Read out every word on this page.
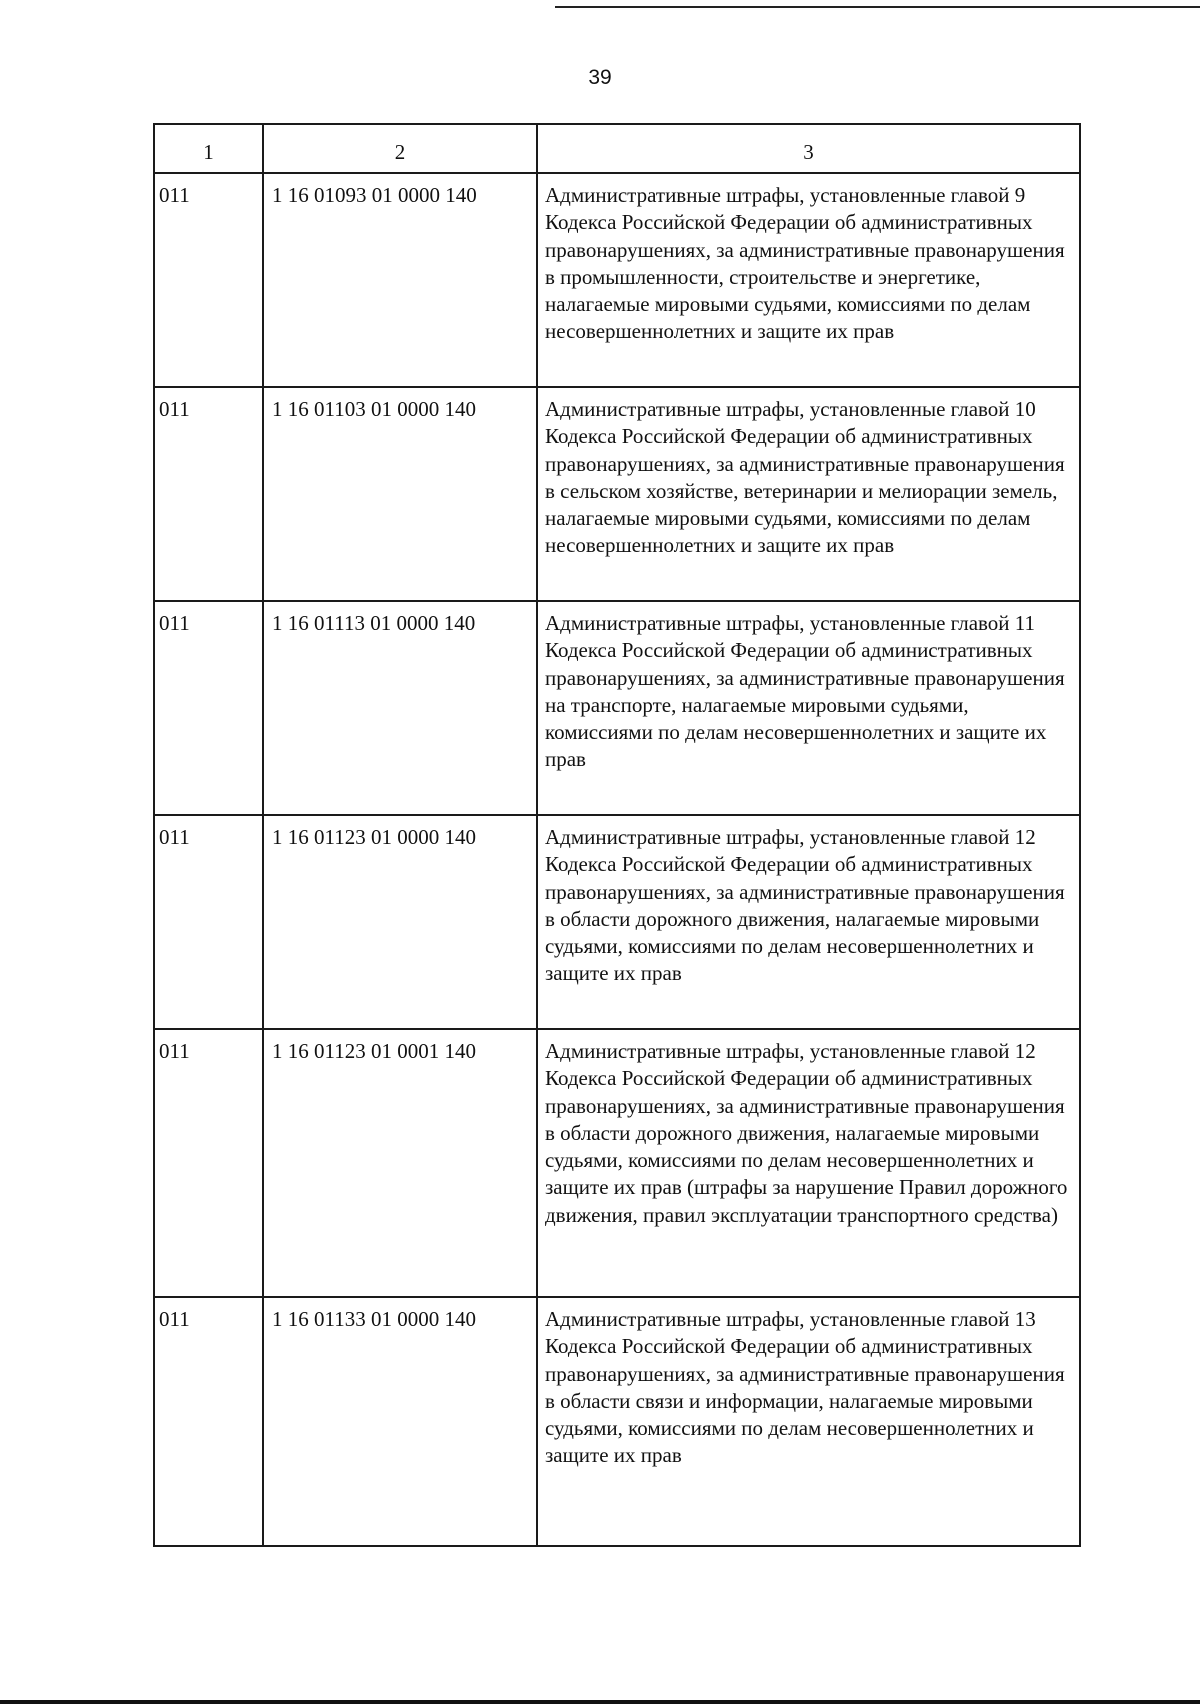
39
1	2	3
011	1 16 01093 01 0000 140	Административные штрафы, установленные главой 9 Кодекса Российской Федерации об административных правонарушениях, за административные правонарушения в промышленности, строительстве и энергетике, налагаемые мировыми судьями, комиссиями по делам несовершеннолетних и защите их прав
011	1 16 01103 01 0000 140	Административные штрафы, установленные главой 10 Кодекса Российской Федерации об административных правонарушениях, за административные правонарушения в сельском хозяйстве, ветеринарии и мелиорации земель, налагаемые мировыми судьями, комиссиями по делам несовершеннолетних и защите их прав
011	1 16 01113 01 0000 140	Административные штрафы, установленные главой 11 Кодекса Российской Федерации об административных правонарушениях, за административные правонарушения на транспорте, налагаемые мировыми судьями, комиссиями по делам несовершеннолетних и защите их прав
011	1 16 01123 01 0000 140	Административные штрафы, установленные главой 12 Кодекса Российской Федерации об административных правонарушениях, за административные правонарушения в области дорожного движения, налагаемые мировыми судьями, комиссиями по делам несовершеннолетних и защите их прав
011	1 16 01123 01 0001 140	Административные штрафы, установленные главой 12 Кодекса Российской Федерации об административных правонарушениях, за административные правонарушения в области дорожного движения, налагаемые мировыми судьями, комиссиями по делам несовершеннолетних и защите их прав (штрафы за нарушение Правил дорожного движения, правил эксплуатации транспортного средства)
011	1 16 01133 01 0000 140	Административные штрафы, установленные главой 13 Кодекса Российской Федерации об административных правонарушениях, за административные правонарушения в области связи и информации, налагаемые мировыми судьями, комиссиями по делам несовершеннолетних и защите их прав
